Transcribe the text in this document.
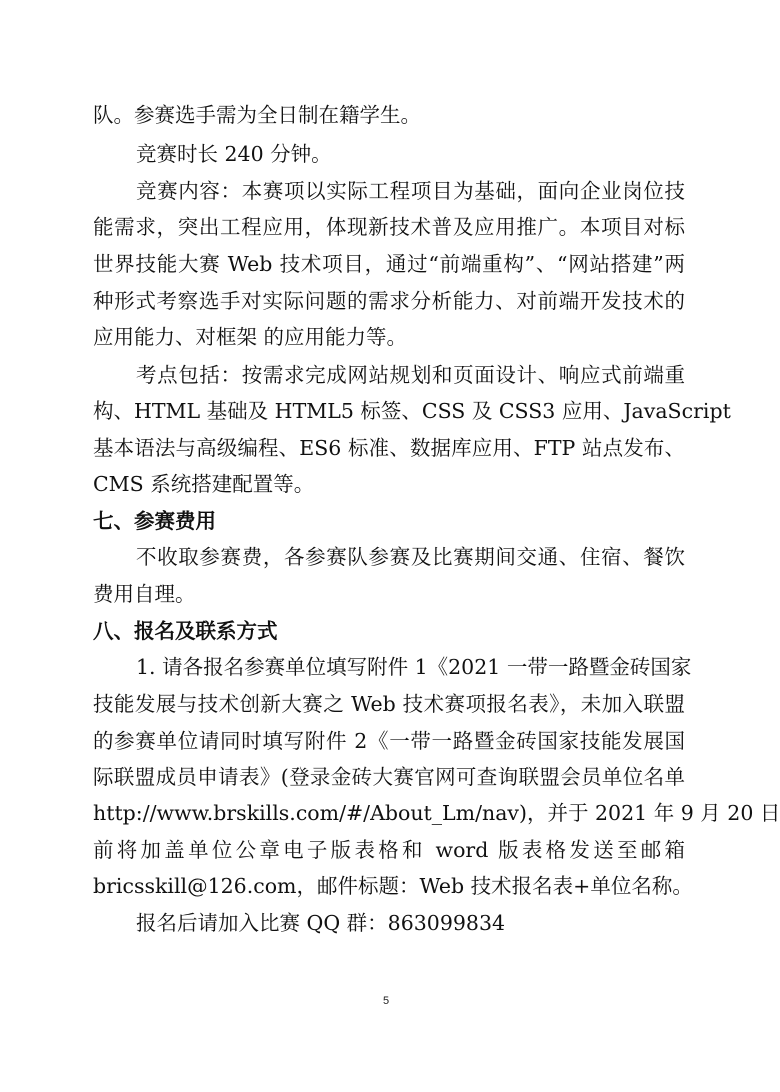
队。参赛选手需为全日制在籍学生。
竞赛时长 240 分钟。
竞赛内容：本赛项以实际工程项目为基础，面向企业岗位技
能需求，突出工程应用，体现新技术普及应用推广。本项目对标
世界技能大赛 Web 技术项目，通过“前端重构”、“网站搭建”两
种形式考察选手对实际问题的需求分析能力、对前端开发技术的
应用能力、对框架 的应用能力等。
考点包括：按需求完成网站规划和页面设计、响应式前端重
构、HTML 基础及 HTML5 标签、CSS 及 CSS3 应用、JavaScript
基本语法与高级编程、ES6 标准、数据库应用、FTP 站点发布、
CMS 系统搭建配置等。
七、参赛费用
不收取参赛费，各参赛队参赛及比赛期间交通、住宿、餐饮
费用自理。
八、报名及联系方式
1. 请各报名参赛单位填写附件 1《2021 一带一路暨金砖国家
技能发展与技术创新大赛之 Web 技术赛项报名表》，未加入联盟
的参赛单位请同时填写附件 2《一带一路暨金砖国家技能发展国
际联盟成员申请表》(登录金砖大赛官网可查询联盟会员单位名单
http://www.brskills.com/#/About_Lm/nav)，并于 2021 年 9 月 20 日
前将加盖单位公章电子版表格和 word 版表格发送至邮箱
bricsskill@126.com，邮件标题：Web 技术报名表+单位名称。
报名后请加入比赛 QQ 群：863099834
5
